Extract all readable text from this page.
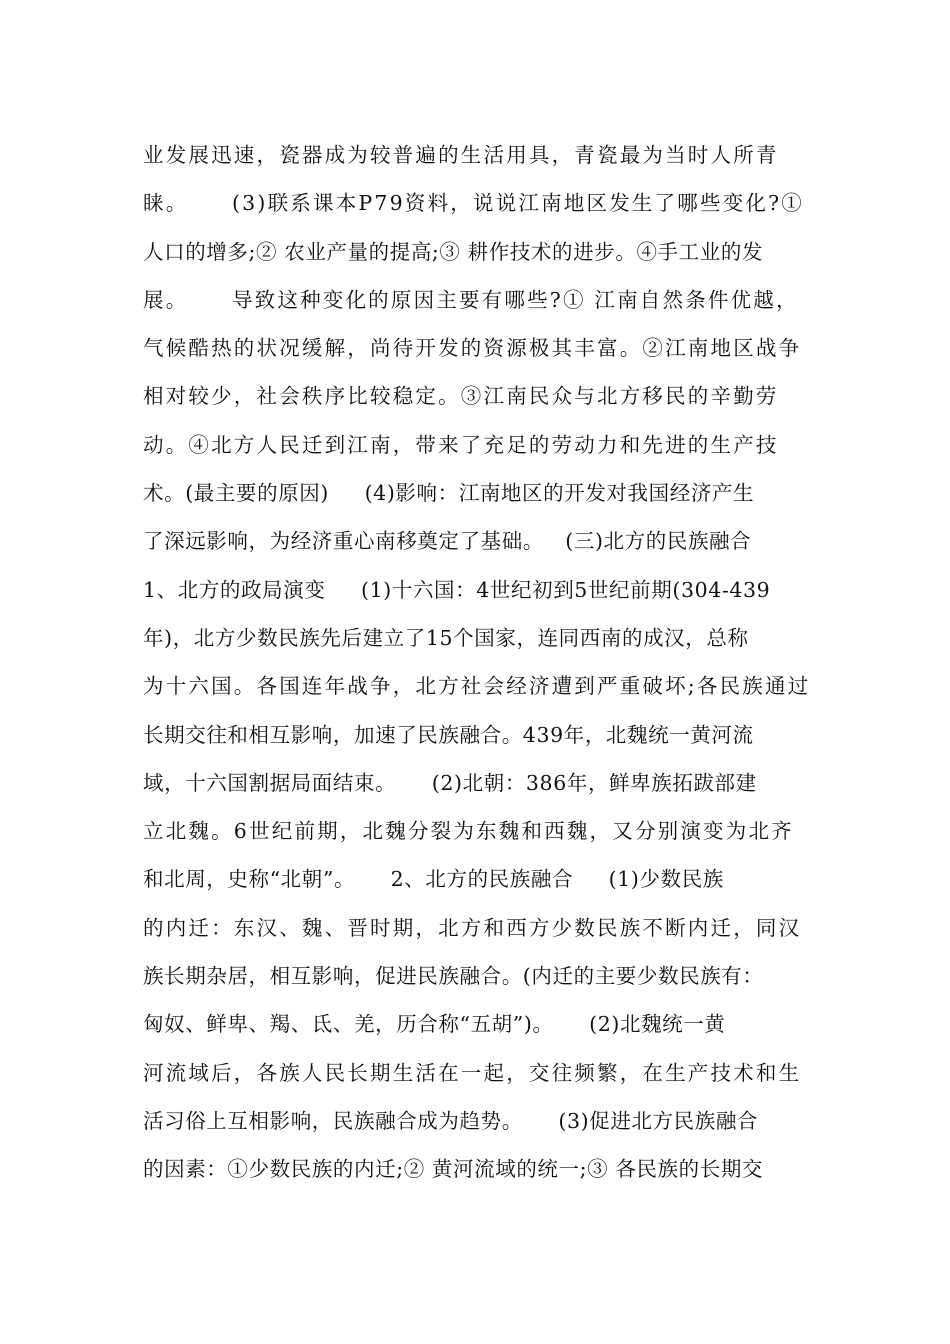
业发展迅速，瓷器成为较普遍的生活用具，青瓷最为当时人所青
睐。     (3)联系课本P79资料，说说江南地区发生了哪些变化?①
人口的增多;② 农业产量的提高;③ 耕作技术的进步。④手工业的发
展。     导致这种变化的原因主要有哪些?① 江南自然条件优越，
气候酷热的状况缓解，尚待开发的资源极其丰富。②江南地区战争
相对较少，社会秩序比较稳定。③江南民众与北方移民的辛勤劳
动。④北方人民迁到江南，带来了充足的劳动力和先进的生产技
术。(最主要的原因)     (4)影响：江南地区的开发对我国经济产生
了深远影响，为经济重心南移奠定了基础。   (三)北方的民族融合
1、北方的政局演变     (1)十六国：4世纪初到5世纪前期(304-439
年)，北方少数民族先后建立了15个国家，连同西南的成汉，总称
为十六国。各国连年战争，北方社会经济遭到严重破坏;各民族通过
长期交往和相互影响，加速了民族融合。439年，北魏统一黄河流
域，十六国割据局面结束。     (2)北朝：386年，鲜卑族拓跋部建
立北魏。6世纪前期，北魏分裂为东魏和西魏，又分别演变为北齐
和北周，史称“北朝”。     2、北方的民族融合     (1)少数民族
的内迁：东汉、魏、晋时期，北方和西方少数民族不断内迁，同汉
族长期杂居，相互影响，促进民族融合。(内迁的主要少数民族有：
匈奴、鲜卑、羯、氐、羌，历合称“五胡”)。     (2)北魏统一黄
河流域后，各族人民长期生活在一起，交往频繁，在生产技术和生
活习俗上互相影响，民族融合成为趋势。     (3)促进北方民族融合
的因素：①少数民族的内迁;② 黄河流域的统一;③ 各民族的长期交
